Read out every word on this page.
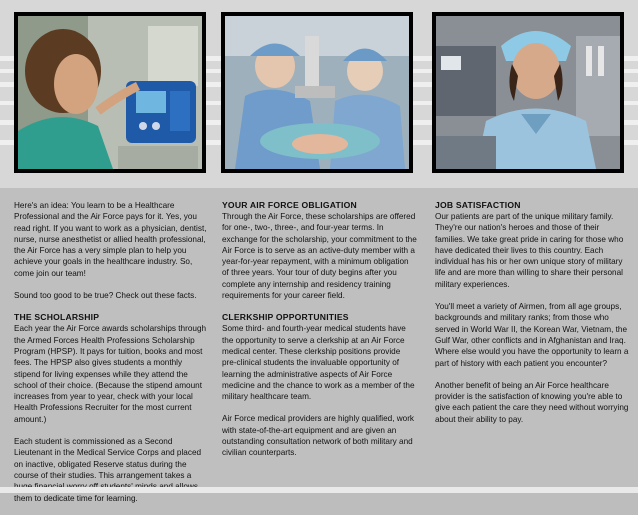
Here's an idea: You learn to be a Healthcare Professional and the Air Force pays for it. Yes, you read right. If you want to work as a physician, dentist, nurse, nurse anesthetist or allied health professional, the Air Force has a very simple plan to help you achieve your goals in the healthcare industry. So, come join our team!

Sound too good to be true? Check out these facts.

THE SCHOLARSHIP

Each year the Air Force awards scholarships through the Armed Forces Health Professions Scholarship Program (HPSP). It pays for tuition, books and most fees. The HPSP also gives students a monthly stipend for living expenses while they attend the school of their choice. (Because the stipend amount increases from year to year, check with your local Health Professions Recruiter for the most current amount.)

Each student is commissioned as a Second Lieutenant in the Medical Service Corps and placed on inactive, obligated Reserve status during the course of their studies. This arrangement takes a them to dedicate time for learning.

YOUR AIR FORCE OBLIGATION

Through the Air Force, these scholarships are offered for one-, two-, three-, and four-year terms. In exchange for the scholarship, your commitment to the Air Force is to serve as an active-duty member with a year-for-year repayment, with a minimum obligation of three years. Your tour of duty begins after you complete any internship and residency training requirements for your career field.

CLERKSHIP OPPORTUNITIES

Some third- and fourth-year medical students have the opportunity to serve a clerkship at an Air Force medical center. These clerkship positions provide pre-clinical students the invaluable opportunity of learning the administrative aspects of Air Force medicine and the chance to work as a member of the military healthcare team.

Air Force medical providers are highly qualified, work with state-of-the-art equipment and are given an outstanding consultation network of both military and civilian counterparts.

JOB SATISFACTION

Our patients are part of the unique military family. They're our nation's heroes and those of their families. We take great pride in caring for those who have dedicated their lives to this country. Each individual has his or her own unique story of military life and are more than willing to share their personal military experiences.

You'll meet a variety of Airmen, from all age groups, backgrounds and military ranks; from those who served in World War II, the Korean War, Vietnam, the Gulf War, other conflicts and in Afghanistan and Iraq. Where else would you have the opportunity to learn a part of history with each patient you encounter?

Another benefit of being an Air Force healthcare provider is the satisfaction of knowing you're able to give each patient the care they need without worrying about their ability to pay.
